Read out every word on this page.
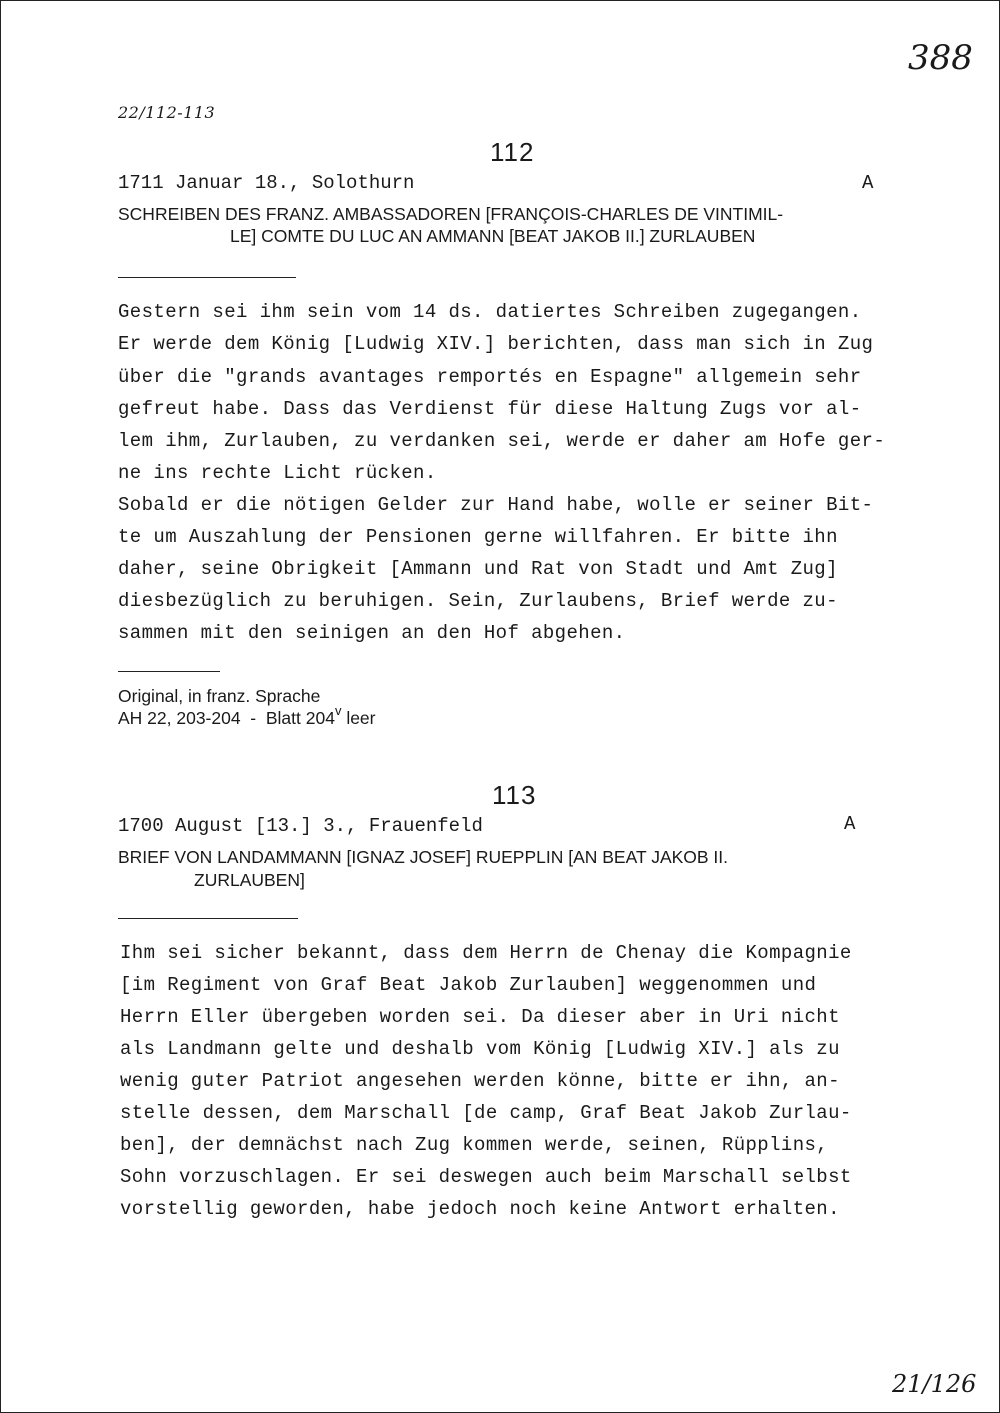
388
22/112-113
112
1711 Januar 18., Solothurn	A
SCHREIBEN DES FRANZ. AMBASSADOREN [FRANÇOIS-CHARLES DE VINTIMIL-
LE] COMTE DU LUC AN AMMANN [BEAT JAKOB II.] ZURLAUBEN
Gestern sei ihm sein vom 14 ds. datiertes Schreiben zugegangen.
Er werde dem König [Ludwig XIV.] berichten, dass man sich in Zug
über die "grands avantages remportés en Espagne" allgemein sehr
gefreut habe. Dass das Verdienst für diese Haltung Zugs vor al-
lem ihm, Zurlauben, zu verdanken sei, werde er daher am Hofe ger-
ne ins rechte Licht rücken.
Sobald er die nötigen Gelder zur Hand habe, wolle er seiner Bit-
te um Auszahlung der Pensionen gerne willfahren. Er bitte ihn
daher, seine Obrigkeit [Ammann und Rat von Stadt und Amt Zug]
diesbezüglich zu beruhigen. Sein, Zurlaubens, Brief werde zu-
sammen mit den seinigen an den Hof abgehen.
Original, in franz. Sprache
AH 22, 203-204  -  Blatt 204$^v$ leer
113
1700 August [13.] 3., Frauenfeld	A
BRIEF VON LANDAMMANN [IGNAZ JOSEF] RUEPPLIN [AN BEAT JAKOB II.
ZURLAUBEN]
Ihm sei sicher bekannt, dass dem Herrn de Chenay die Kompagnie
[im Regiment von Graf Beat Jakob Zurlauben] weggenommen und
Herrn Eller übergeben worden sei. Da dieser aber in Uri nicht
als Landmann gelte und deshalb vom König [Ludwig XIV.] als zu
wenig guter Patriot angesehen werden könne, bitte er ihn, an-
stelle dessen, dem Marschall [de camp, Graf Beat Jakob Zurlau-
ben], der demnächst nach Zug kommen werde, seinen, Rüpplins,
Sohn vorzuschlagen. Er sei deswegen auch beim Marschall selbst
vorstellig geworden, habe jedoch noch keine Antwort erhalten.
21/126
